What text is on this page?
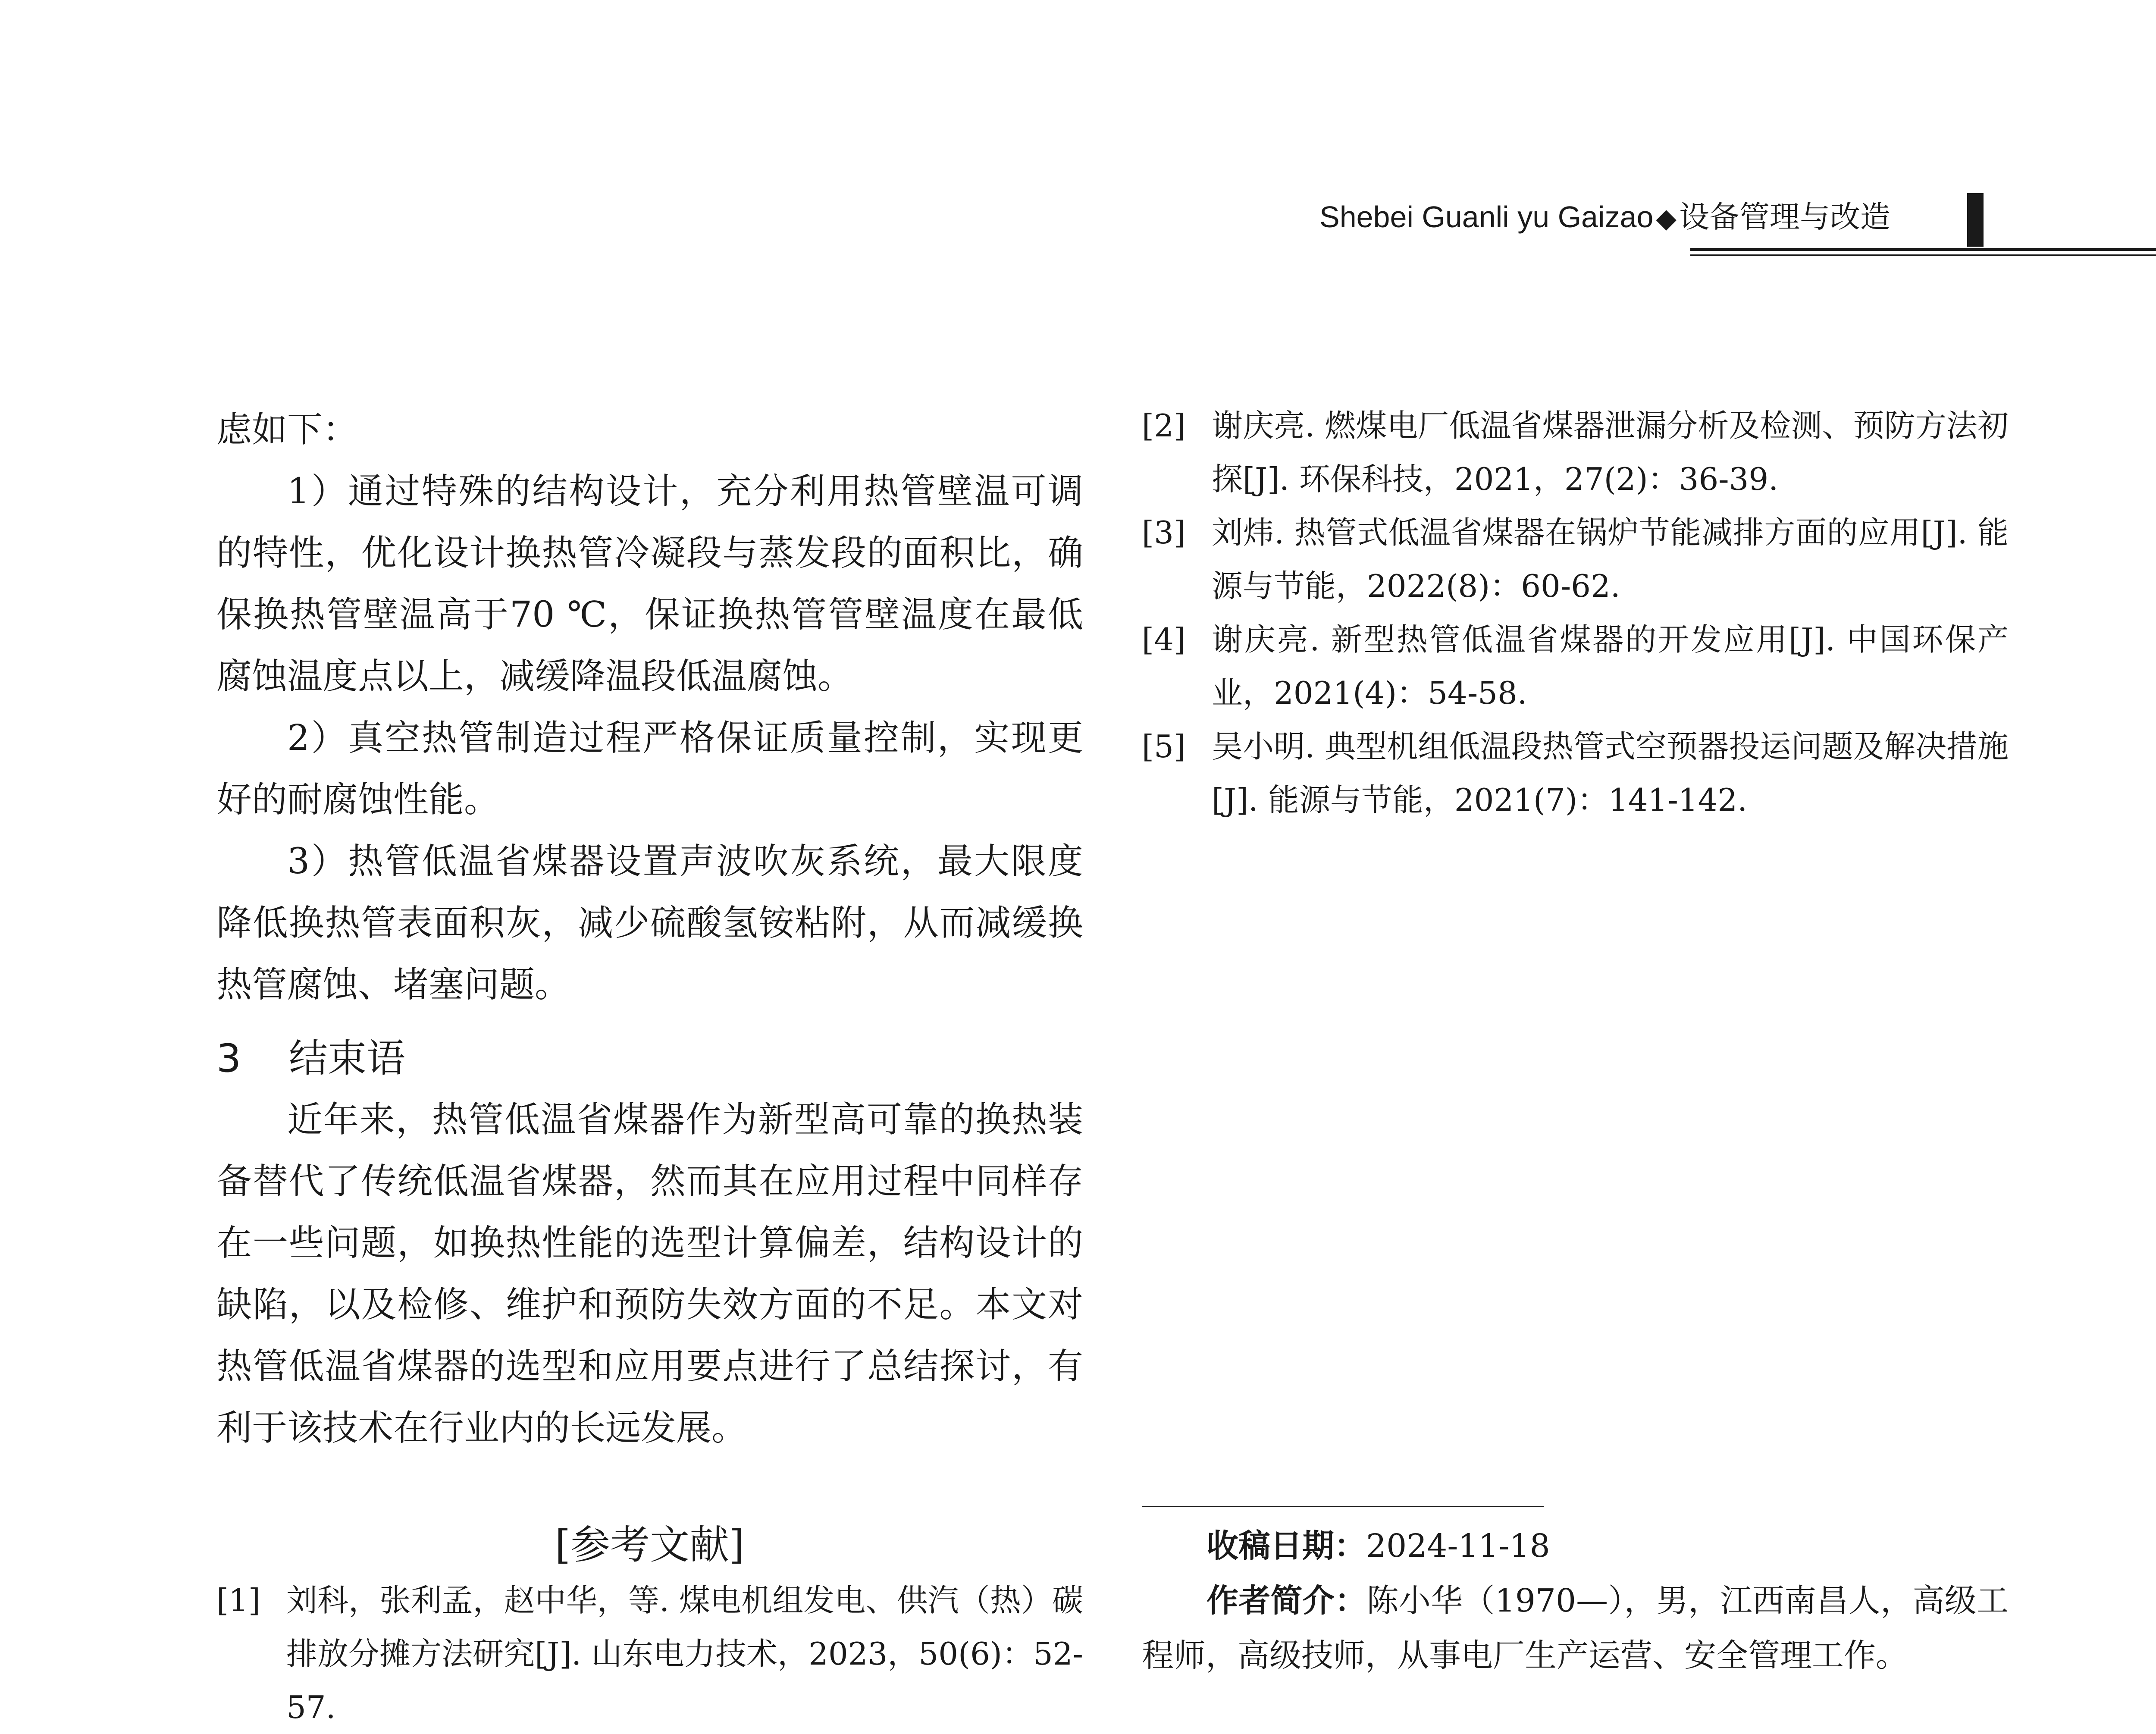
Shebei Guanli yu Gaizao◆设备管理与改造

虑如下：

1）通过特殊的结构设计，充分利用热管壁温可调的特性，优化设计换热管冷凝段与蒸发段的面积比，确保换热管壁温高于70 ℃，保证换热管管壁温度在最低腐蚀温度点以上，减缓降温段低温腐蚀。

2）真空热管制造过程严格保证质量控制，实现更好的耐腐蚀性能。

3）热管低温省煤器设置声波吹灰系统，最大限度降低换热管表面积灰，减少硫酸氢铵粘附，从而减缓换热管腐蚀、堵塞问题。

3 结束语

近年来，热管低温省煤器作为新型高可靠的换热装备替代了传统低温省煤器，然而其在应用过程中同样存在一些问题，如换热性能的选型计算偏差，结构设计的缺陷，以及检修、维护和预防失效方面的不足。本文对热管低温省煤器的选型和应用要点进行了总结探讨，有利于该技术在行业内的长远发展。

[参考文献]
[1] 刘科，张利孟，赵中华，等. 煤电机组发电、供汽（热）碳排放分摊方法研究[J]. 山东电力技术，2023，50(6)：52-57.
[2] 谢庆亮. 燃煤电厂低温省煤器泄漏分析及检测、预防方法初探[J]. 环保科技，2021，27(2)：36-39.
[3] 刘炜. 热管式低温省煤器在锅炉节能减排方面的应用[J]. 能源与节能，2022(8)：60-62.
[4] 谢庆亮. 新型热管低温省煤器的开发应用[J]. 中国环保产业，2021(4)：54-58.
[5] 吴小明. 典型机组低温段热管式空预器投运问题及解决措施[J]. 能源与节能，2021(7)：141-142.
收稿日期：2024-11-18
作者简介：陈小华（1970—），男，江西南昌人，高级工程师，高级技师，从事电厂生产运营、安全管理工作。
